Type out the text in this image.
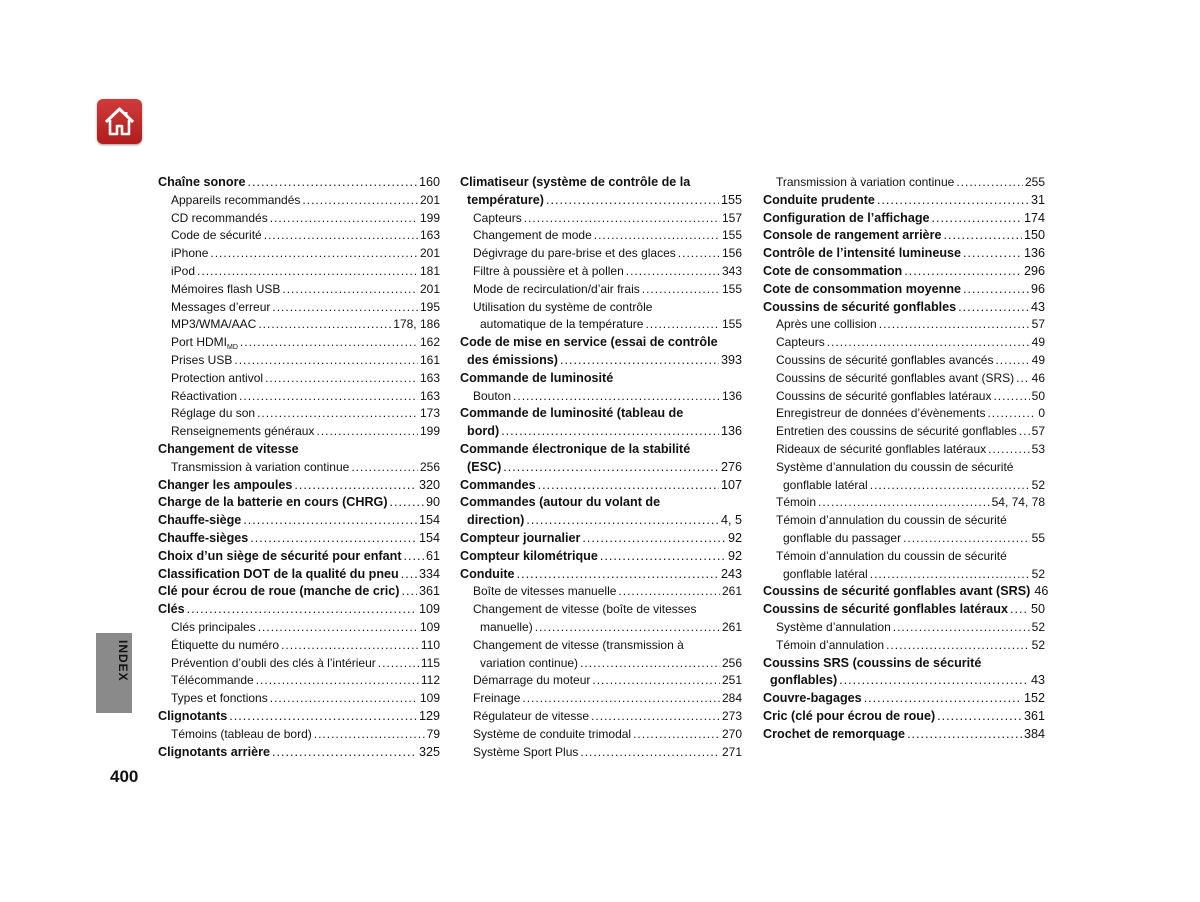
Chaîne sonore .....	160
Appareils recommandés .....	201
CD recommandés .....	199
Code de sécurité .....	163
iPhone .....	201
iPod .....	181
Mémoires flash USB .....	201
Messages d’erreur .....	195
MP3/WMA/AAC .....	178, 186
Port $HDMI_{MD}$ .....	162
Prises USB .....	161
Protection antivol .....	163
Réactivation .....	163
Réglage du son .....	173
Renseignements généraux .....	199
Changement de vitesse
Transmission à variation continue .....	256
Changer les ampoules .....	320
Charge de la batterie en cours (CHRG) .....	90
Chauffe-siège .....	154
Chauffe-sièges .....	154
Choix d’un siège de sécurité pour enfant ..... 61
Classification DOT de la qualité du pneu ..... 334
Clé pour écrou de roue (manche de cric) ..... 361
Clés .....	109
Clés principales .....	109
Étiquette du numéro .....	110
Prévention d’oubli des clés à l’intérieur .....	115
Télécommande .....	112
Types et fonctions .....	109
Clignotants .....	129
Témoins (tableau de bord) .....	79
Clignotants arrière .....	325
Climatiseur (système de contrôle de la
température) .....	155
Capteurs .....	157
Changement de mode .....	155
Dégivrage du pare-brise et des glaces .....	156
Filtre à poussière et à pollen .....	343
Mode de recirculation/d’air frais .....	155
Utilisation du système de contrôle
automatique de la température .....	155
Code de mise en service (essai de contrôle
des émissions) .....	393
Commande de luminosité
Bouton .....	136
Commande de luminosité (tableau de
bord) .....	136
Commande électronique de la stabilité
(ESC) .....	276
Commandes .....	107
Commandes (autour du volant de
direction) .....	4, 5
Compteur journalier .....	92
Compteur kilométrique .....	92
Conduite .....	243
Boîte de vitesses manuelle .....	261
Changement de vitesse (boîte de vitesses
manuelle) .....	261
Changement de vitesse (transmission à
variation continue) .....	256
Démarrage du moteur .....	251
Freinage .....	284
Régulateur de vitesse .....	273
Système de conduite trimodal .....	270
Système Sport Plus .....	271
Transmission à variation continue .....	255
Conduite prudente .....	31
Configuration de l’affichage .....	174
Console de rangement arrière .....	150
Contrôle de l’intensité lumineuse .....	136
Cote de consommation .....	296
Cote de consommation moyenne .....	96
Coussins de sécurité gonflables .....	43
Après une collision .....	57
Capteurs .....	49
Coussins de sécurité gonflables avancés .....	49
Coussins de sécurité gonflables avant (SRS) ..... 46
Coussins de sécurité gonflables latéraux .....	50
Enregistreur de données d’évènements .....	0
Entretien des coussins de sécurité gonflables ..... 57
Rideaux de sécurité gonflables latéraux .....	53
Système d’annulation du coussin de sécurité
gonflable latéral .....	52
Témoin .....	54, 74, 78
Témoin d’annulation du coussin de sécurité
gonflable du passager .....	55
Témoin d’annulation du coussin de sécurité
gonflable latéral .....	52
Coussins de sécurité gonflables avant (SRS) 46
Coussins de sécurité gonflables latéraux ..... 50
Système d’annulation .....	52
Témoin d’annulation .....	52
Coussins SRS (coussins de sécurité
gonflables) .....	43
Couvre-bagages .....	152
Cric (clé pour écrou de roue) .....	361
Crochet de remorquage .....	384
INDEX
400
